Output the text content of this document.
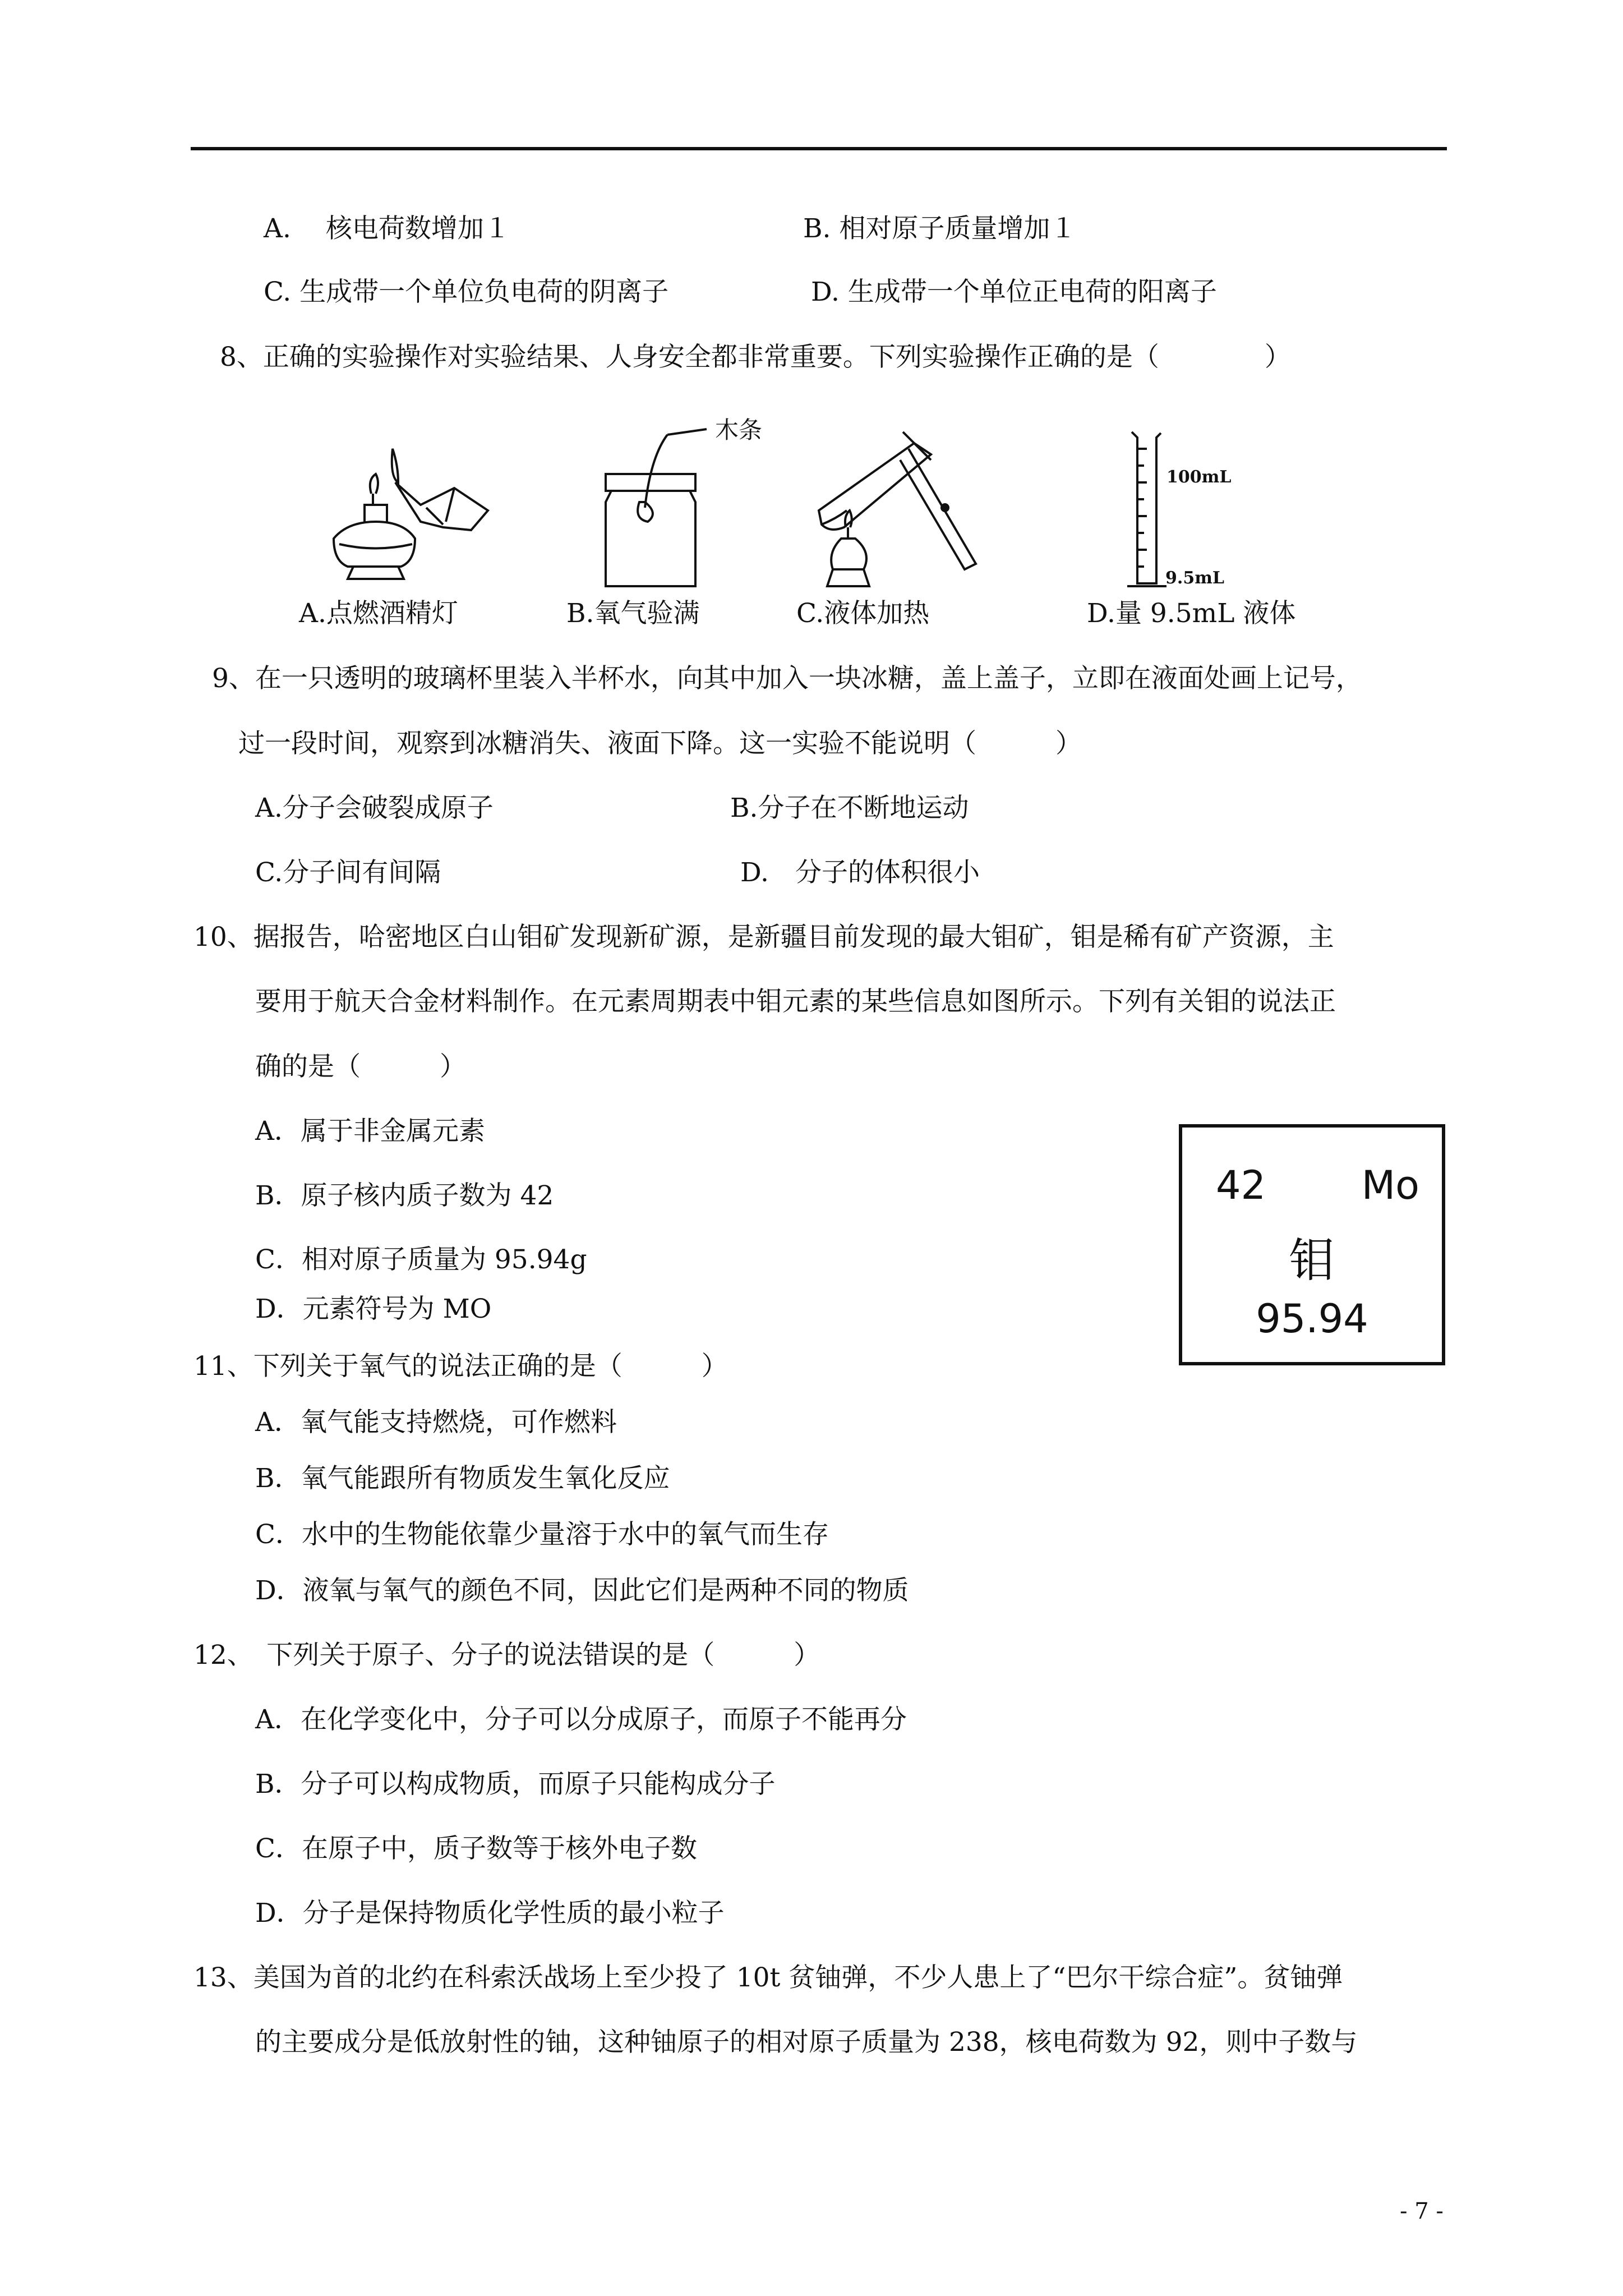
A.　 核电荷数增加１	B. 相对原子质量增加１
C. 生成带一个单位负电荷的阴离子	D. 生成带一个单位正电荷的阳离子
8、正确的实验操作对实验结果、人身安全都非常重要。下列实验操作正确的是（　　　　）
木条
100mL
9.5mL
A.点燃酒精灯	B.氧气验满	C.液体加热	D.量 9.5mL 液体
9、在一只透明的玻璃杯里装入半杯水，向其中加入一块冰糖，盖上盖子，立即在液面处画上记号，
过一段时间，观察到冰糖消失、液面下降。这一实验不能说明（　　　）
A.分子会破裂成原子	B.分子在不断地运动
C.分子间有间隔	D.　分子的体积很小
10、据报告，哈密地区白山钼矿发现新矿源，是新疆目前发现的最大钼矿，钼是稀有矿产资源，主
要用于航天合金材料制作。在元素周期表中钼元素的某些信息如图所示。下列有关钼的说法正
确的是（　　　）
A．属于非金属元素
B．原子核内质子数为 42
C．相对原子质量为 95.94g
D．元素符号为 MO
42 Mo
钼
95.94
11、下列关于氧气的说法正确的是（　　　）
A．氧气能支持燃烧，可作燃料
B．氧气能跟所有物质发生氧化反应
C．水中的生物能依靠少量溶于水中的氧气而生存
D．液氧与氧气的颜色不同，因此它们是两种不同的物质
12、　下列关于原子、分子的说法错误的是（　　　）
A．在化学变化中，分子可以分成原子，而原子不能再分
B．分子可以构成物质，而原子只能构成分子
C．在原子中，质子数等于核外电子数
D．分子是保持物质化学性质的最小粒子
13、美国为首的北约在科索沃战场上至少投了 10t 贫铀弹，不少人患上了“巴尔干综合症”。贫铀弹
的主要成分是低放射性的铀，这种铀原子的相对原子质量为 238，核电荷数为 92，则中子数与
- 7 -
